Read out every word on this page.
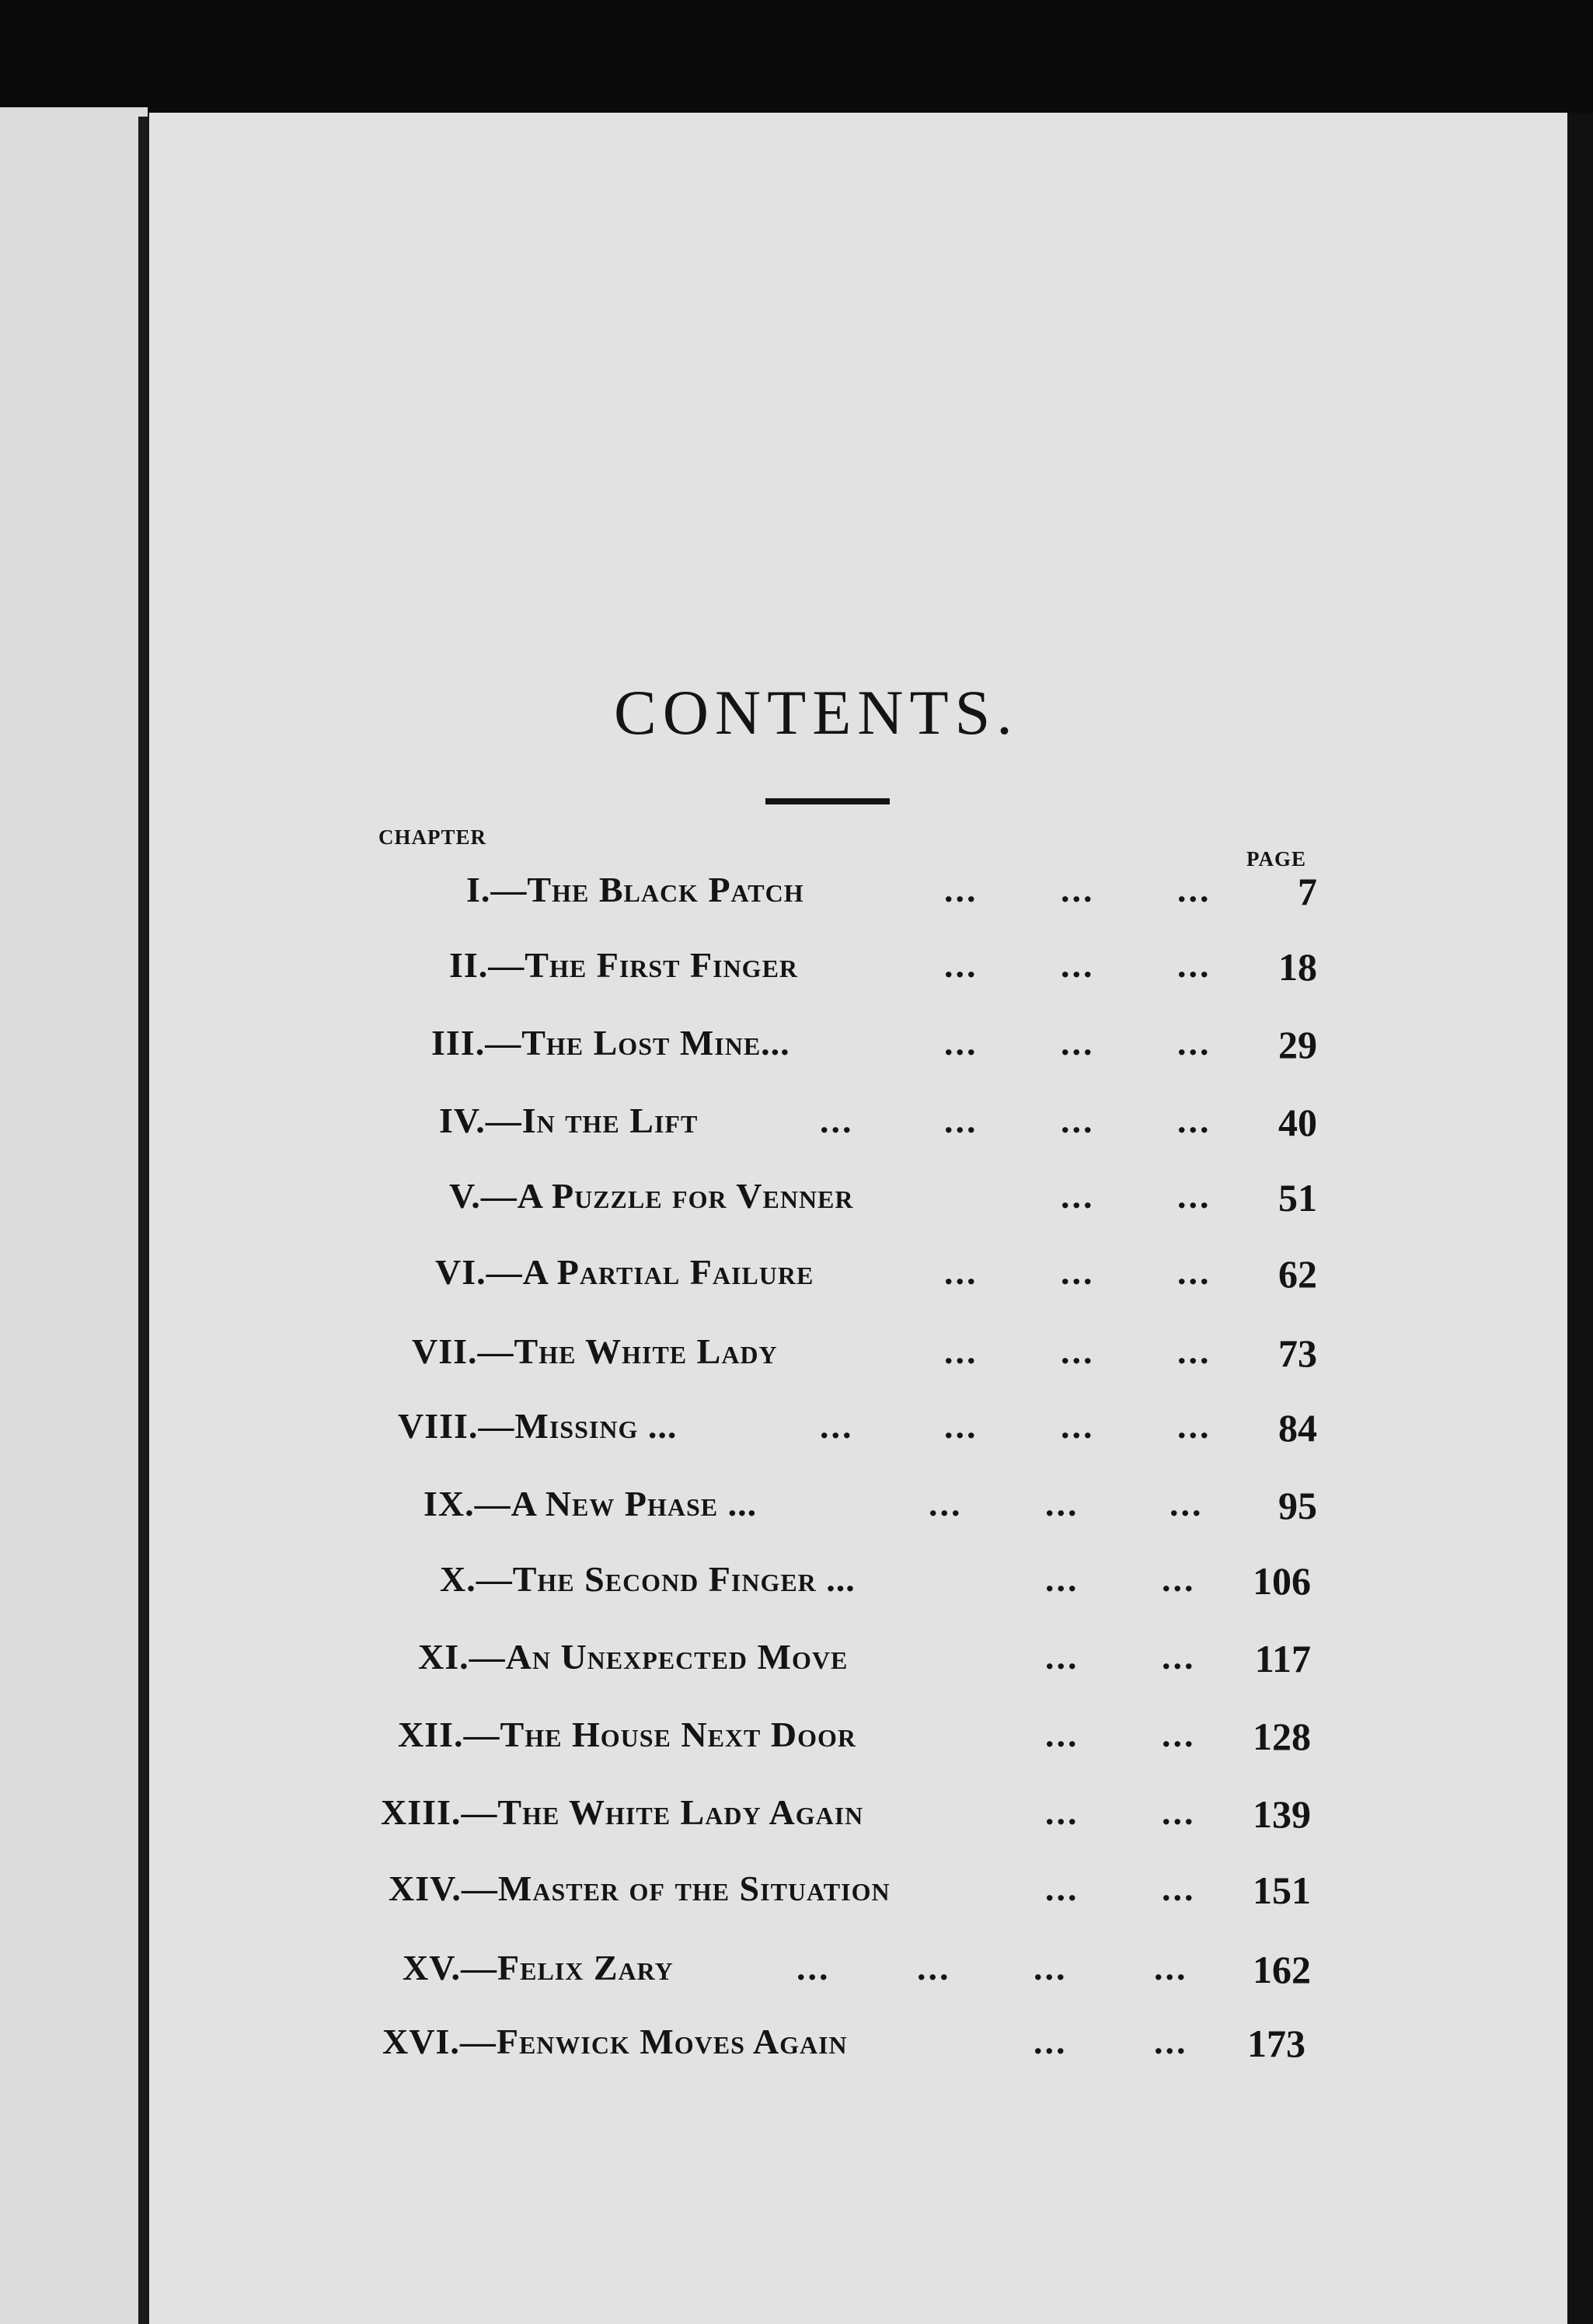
CONTENTS.
CHAPTER
PAGE
I.—The Black Patch	... ... ...	7
II.—The First Finger	... ... ...	18
III.—The Lost Mine...	... ... ...	29
IV.—In the Lift	...	... ... ...	40
V.—A Puzzle for Venner	... ...	51
VI.—A Partial Failure	... ... ...	62
VII.—The White Lady	... ... ...	73
VIII.—Missing ...	...	... ... ...	84
IX.—A New Phase ...	... ...	...	95
X.—The Second Finger ...	... ...	106
XI.—An Unexpected Move	... ...	117
XII.—The House Next Door	... ...	128
XIII.—The White Lady Again	... ...	139
XIV.—Master of the Situation	... ...	151
XV.—Felix Zary	... ... ... ...	162
XVI.—Fenwick Moves Again	... ...	173
